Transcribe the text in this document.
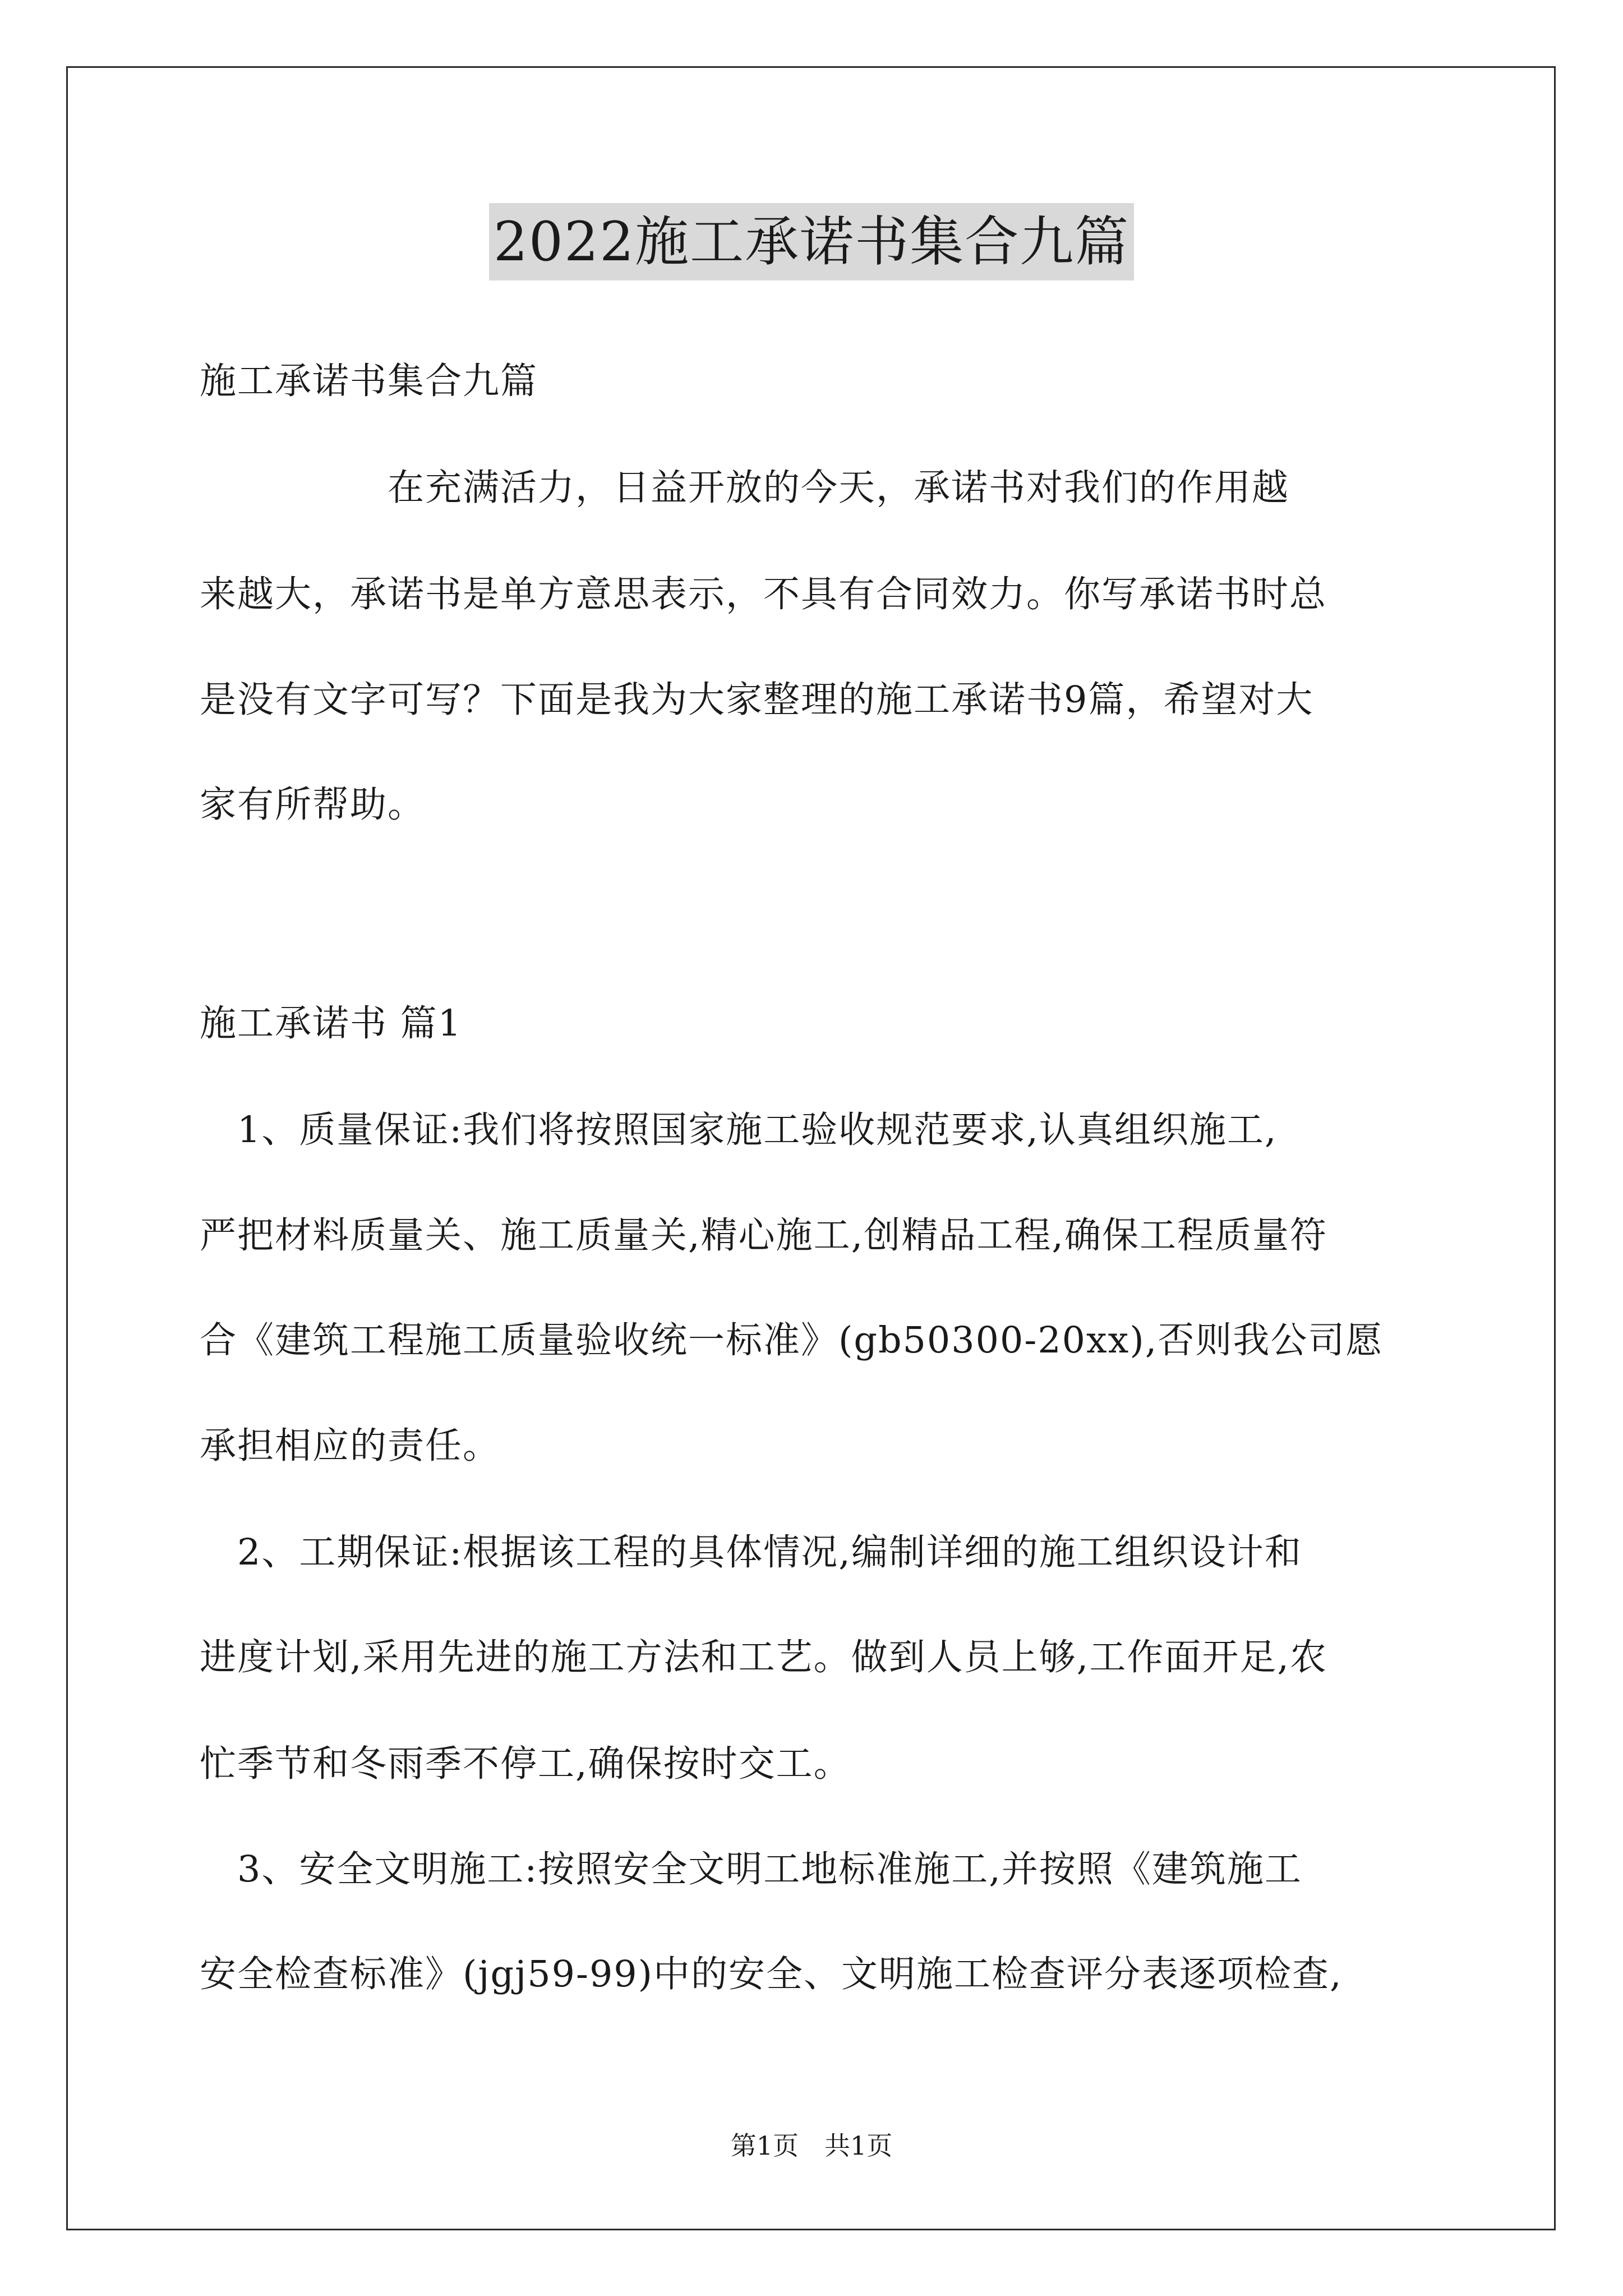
2022施工承诺书集合九篇
施工承诺书集合九篇
　　　　　在充满活力，日益开放的今天，承诺书对我们的作用越
来越大，承诺书是单方意思表示，不具有合同效力。你写承诺书时总
是没有文字可写？下面是我为大家整理的施工承诺书9篇，希望对大
家有所帮助。
施工承诺书 篇1
　1、质量保证:我们将按照国家施工验收规范要求,认真组织施工,
严把材料质量关、施工质量关,精心施工,创精品工程,确保工程质量符
合《建筑工程施工质量验收统一标准》(gb50300-20xx),否则我公司愿
承担相应的责任。
　2、工期保证:根据该工程的具体情况,编制详细的施工组织设计和
进度计划,采用先进的施工方法和工艺。做到人员上够,工作面开足,农
忙季节和冬雨季不停工,确保按时交工。
　3、安全文明施工:按照安全文明工地标准施工,并按照《建筑施工
安全检查标准》(jgj59-99)中的安全、文明施工检查评分表逐项检查,
第1页　共1页
